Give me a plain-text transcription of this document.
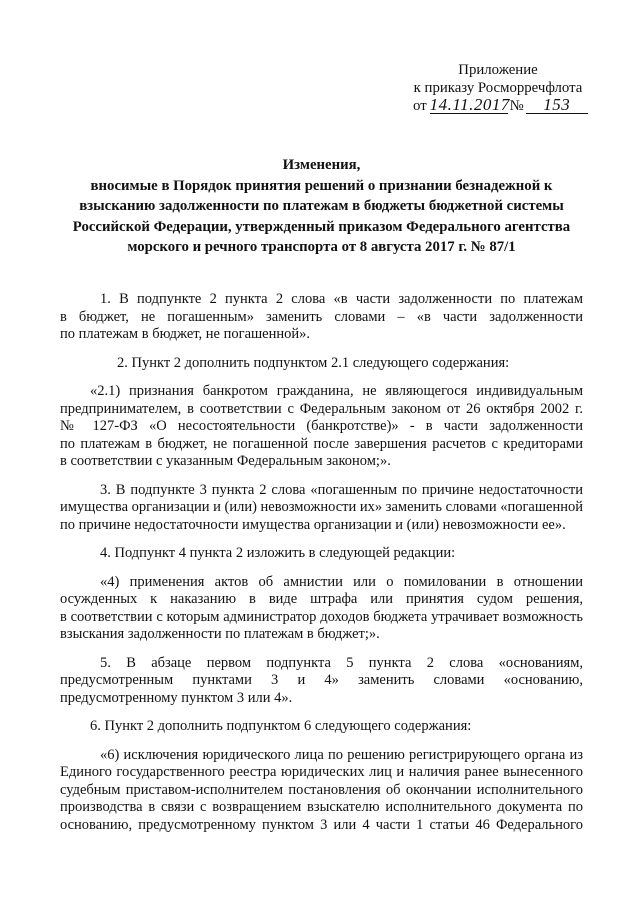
Приложение
к приказу Росморречфлота
от 14.11.2017 №	153
Изменения,
вносимые в Порядок принятия решений о признании безнадежной к
взысканию задолженности по платежам в бюджеты бюджетной системы
Российской Федерации, утвержденный приказом Федерального агентства
морского и речного транспорта от 8 августа 2017 г. № 87/1
1. В подпункте 2 пункта 2 слова «в части задолженности по платежам
в бюджет, не погашенным» заменить словами – «в части задолженности
по платежам в бюджет, не погашенной».
2. Пункт 2 дополнить подпунктом 2.1 следующего содержания:
«2.1) признания банкротом гражданина, не являющегося индивидуальным
предпринимателем, в соответствии с Федеральным законом от 26 октября 2002 г.
№ 127-ФЗ «О несостоятельности (банкротстве)» - в части задолженности
по платежам в бюджет, не погашенной после завершения расчетов с кредиторами
в соответствии с указанным Федеральным законом;».
3. В подпункте 3 пункта 2 слова «погашенным по причине недостаточности
имущества организации и (или) невозможности их» заменить словами «погашенной
по причине недостаточности имущества организации и (или) невозможности ее».
4. Подпункт 4 пункта 2 изложить в следующей редакции:
«4) применения актов об амнистии или о помиловании в отношении
осужденных к наказанию в виде штрафа или принятия судом решения,
в соответствии с которым администратор доходов бюджета утрачивает возможность
взыскания задолженности по платежам в бюджет;».
5. В абзаце первом подпункта 5 пункта 2 слова «основаниям,
предусмотренным пунктами 3 и 4» заменить словами «основанию,
предусмотренному пунктом 3 или 4».
6. Пункт 2 дополнить подпунктом 6 следующего содержания:
«6) исключения юридического лица по решению регистрирующего органа из
Единого государственного реестра юридических лиц и наличия ранее вынесенного
судебным приставом-исполнителем постановления об окончании исполнительного
производства в связи с возвращением взыскателю исполнительного документа по
основанию, предусмотренному пунктом 3 или 4 части 1 статьи 46 Федерального
